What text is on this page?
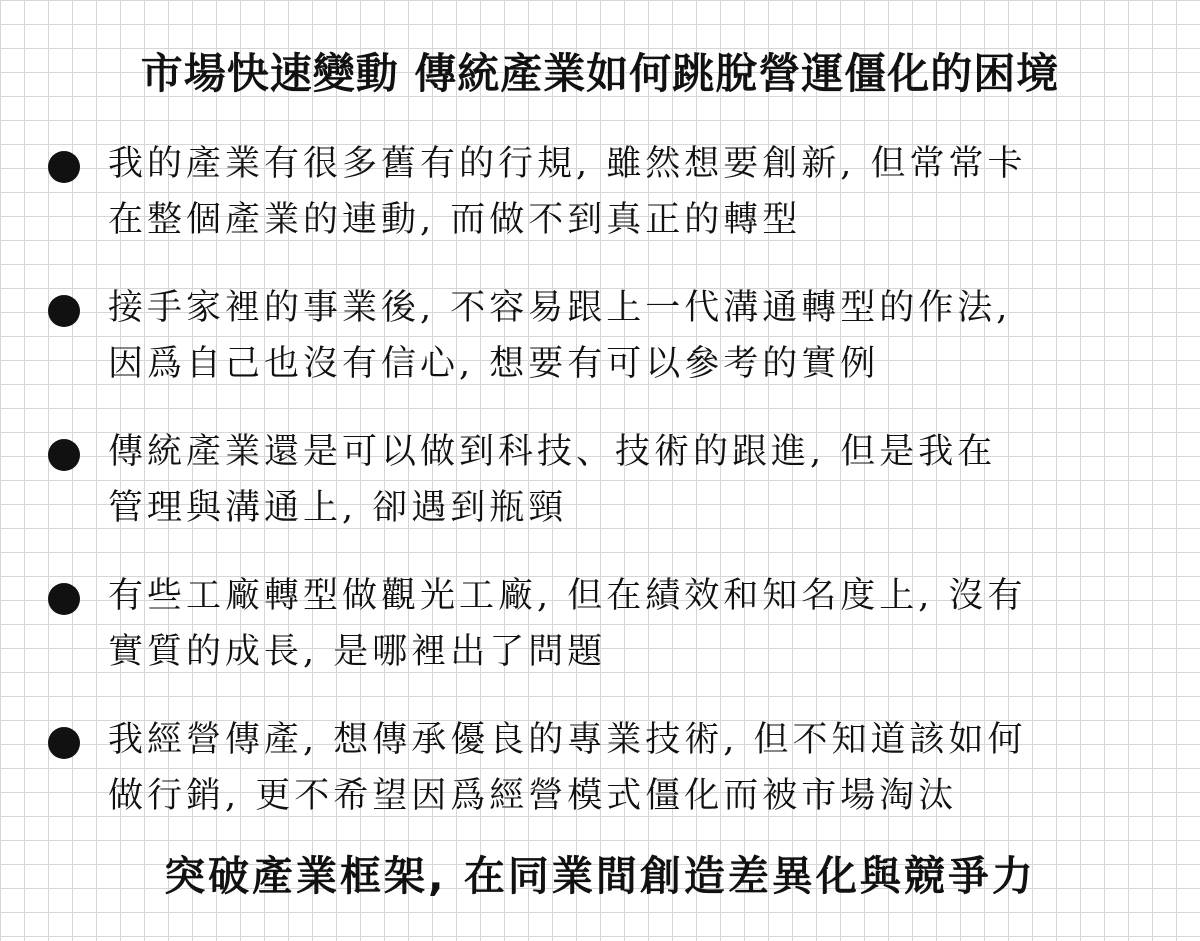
市場快速變動 傳統產業如何跳脫營運僵化的困境

我的產業有很多舊有的行規, 雖然想要創新, 但常常卡
在整個產業的連動, 而做不到真正的轉型

接手家裡的事業後, 不容易跟上一代溝通轉型的作法,
因爲自己也沒有信心, 想要有可以參考的實例

傳統產業還是可以做到科技、技術的跟進, 但是我在
管理與溝通上, 卻遇到瓶頸

有些工廠轉型做觀光工廠, 但在績效和知名度上, 沒有
實質的成長, 是哪裡出了問題

我經營傳產, 想傳承優良的專業技術, 但不知道該如何
做行銷, 更不希望因爲經營模式僵化而被市場淘汰

突破產業框架, 在同業間創造差異化與競爭力
